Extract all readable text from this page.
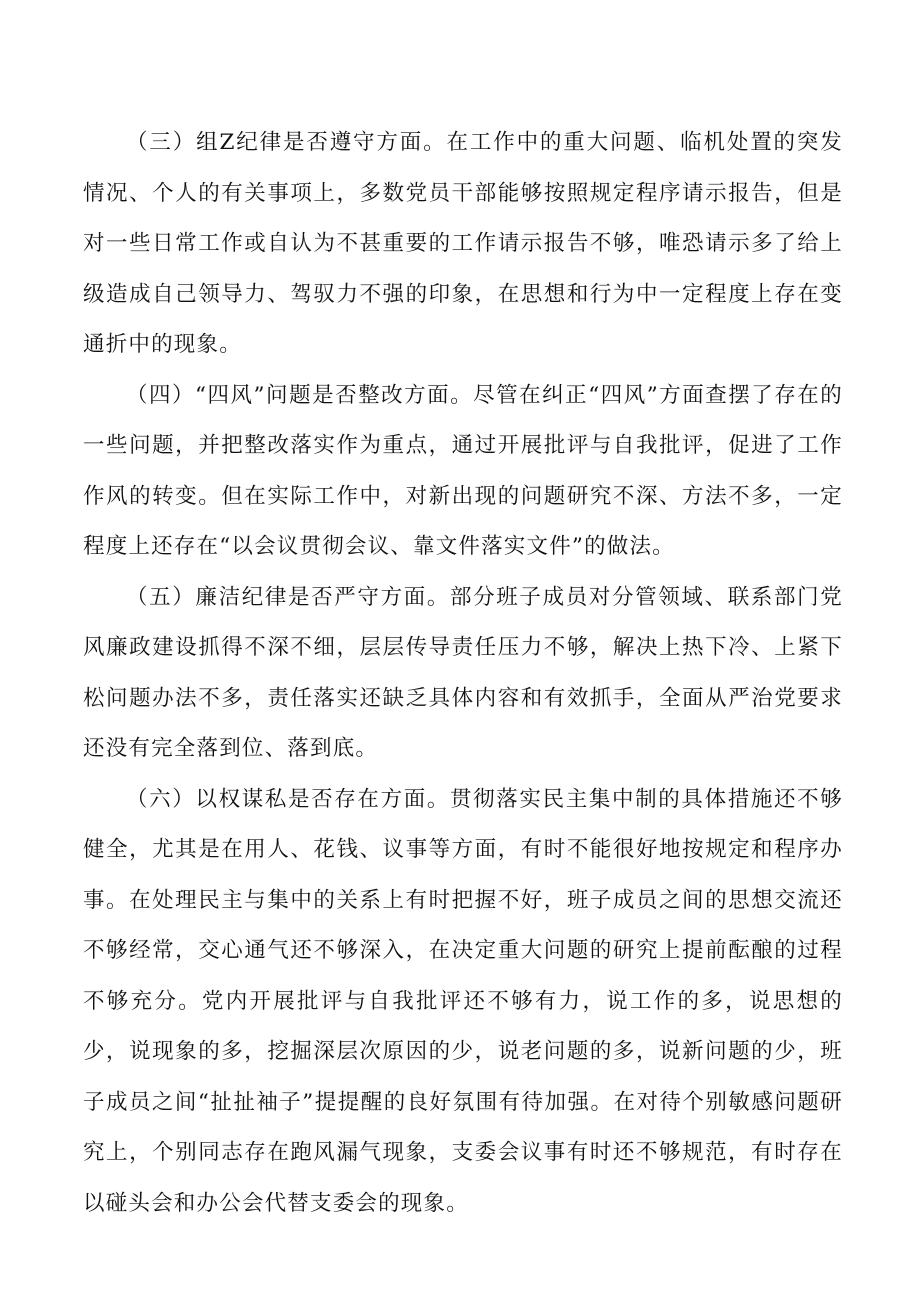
（三）组Z纪律是否遵守方面。在工作中的重大问题、临机处置的突发情况、个人的有关事项上，多数党员干部能够按照规定程序请示报告，但是对一些日常工作或自认为不甚重要的工作请示报告不够，唯恐请示多了给上级造成自己领导力、驾驭力不强的印象，在思想和行为中一定程度上存在变通折中的现象。

（四）“四风”问题是否整改方面。尽管在纠正“四风”方面查摆了存在的一些问题，并把整改落实作为重点，通过开展批评与自我批评，促进了工作作风的转变。但在实际工作中，对新出现的问题研究不深、方法不多，一定程度上还存在“以会议贯彻会议、靠文件落实文件”的做法。

（五）廉洁纪律是否严守方面。部分班子成员对分管领域、联系部门党风廉政建设抓得不深不细，层层传导责任压力不够，解决上热下冷、上紧下松问题办法不多，责任落实还缺乏具体内容和有效抓手，全面从严治党要求还没有完全落到位、落到底。

（六）以权谋私是否存在方面。贯彻落实民主集中制的具体措施还不够健全，尤其是在用人、花钱、议事等方面，有时不能很好地按规定和程序办事。在处理民主与集中的关系上有时把握不好，班子成员之间的思想交流还不够经常，交心通气还不够深入，在决定重大问题的研究上提前酝酿的过程不够充分。党内开展批评与自我批评还不够有力，说工作的多，说思想的少，说现象的多，挖掘深层次原因的少，说老问题的多，说新问题的少，班子成员之间“扯扯袖子”提提醒的良好氛围有待加强。在对待个别敏感问题研究上，个别同志存在跑风漏气现象，支委会议事有时还不够规范，有时存在以碰头会和办公会代替支委会的现象。
